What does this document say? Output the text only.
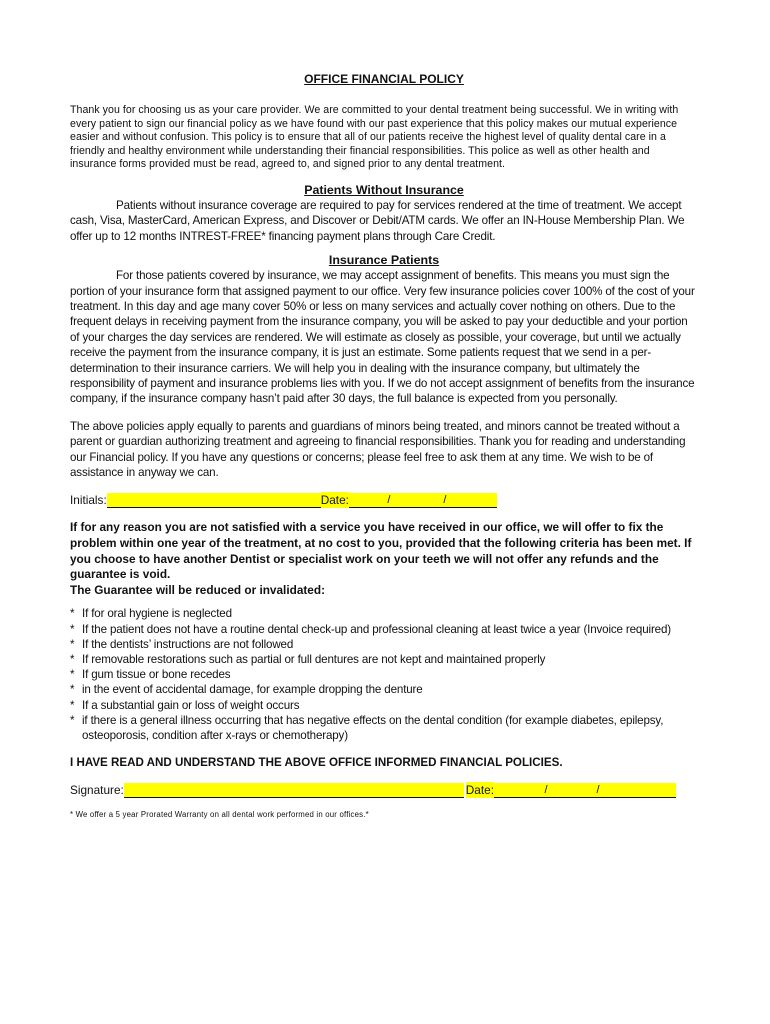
OFFICE FINANCIAL POLICY

Thank you for choosing us as your care provider. We are committed to your dental treatment being successful. We in writing with every patient to sign our financial policy as we have found with our past experience that this policy makes our mutual experience easier and without confusion. This policy is to ensure that all of our patients receive the highest level of quality dental care in a friendly and healthy environment while understanding their financial responsibilities. This police as well as other health and insurance forms provided must be read, agreed to, and signed prior to any dental treatment.

Patients Without Insurance

Patients without insurance coverage are required to pay for services rendered at the time of treatment. We accept cash, Visa, MasterCard, American Express, and Discover or Debit/ATM cards. We offer an IN-House Membership Plan. We offer up to 12 months INTREST-FREE* financing payment plans through Care Credit.

Insurance Patients

For those patients covered by insurance, we may accept assignment of benefits. This means you must sign the portion of your insurance form that assigned payment to our office. Very few insurance policies cover 100% of the cost of your treatment. In this day and age many cover 50% or less on many services and actually cover nothing on others. Due to the frequent delays in receiving payment from the insurance company, you will be asked to pay your deductible and your portion of your charges the day services are rendered. We will estimate as closely as possible, your coverage, but until we actually receive the payment from the insurance company, it is just an estimate. Some patients request that we send in a per-determination to their insurance carriers. We will help you in dealing with the insurance company, but ultimately the responsibility of payment and insurance problems lies with you. If we do not accept assignment of benefits from the insurance company, if the insurance company hasn’t paid after 30 days, the full balance is expected from you personally.

The above policies apply equally to parents and guardians of minors being treated, and minors cannot be treated without a parent or guardian authorizing treatment and agreeing to financial responsibilities. Thank you for reading and understanding our Financial policy. If you have any questions or concerns; please feel free to ask them at any time. We wish to be of assistance in anyway we can.

Initials:	Date:	/	/

If for any reason you are not satisfied with a service you have received in our office, we will offer to fix the problem within one year of the treatment, at no cost to you, provided that the following criteria has been met. If you choose to have another Dentist or specialist work on your teeth we will not offer any refunds and the guarantee is void.

The Guarantee will be reduced or invalidated:

* If for oral hygiene is neglected
* If the patient does not have a routine dental check-up and professional cleaning at least twice a year (Invoice required)
* If the dentists’ instructions are not followed
* If removable restorations such as partial or full dentures are not kept and maintained properly
* If gum tissue or bone recedes
* in the event of accidental damage, for example dropping the denture
* If a substantial gain or loss of weight occurs
* if there is a general illness occurring that has negative effects on the dental condition (for example diabetes, epilepsy, osteoporosis, condition after x-rays or chemotherapy)

I HAVE READ AND UNDERSTAND THE ABOVE OFFICE INFORMED FINANCIAL POLICIES.

Signature:	Date:	/	/

* We offer a 5 year Prorated Warranty on all dental work performed in our offices.*
